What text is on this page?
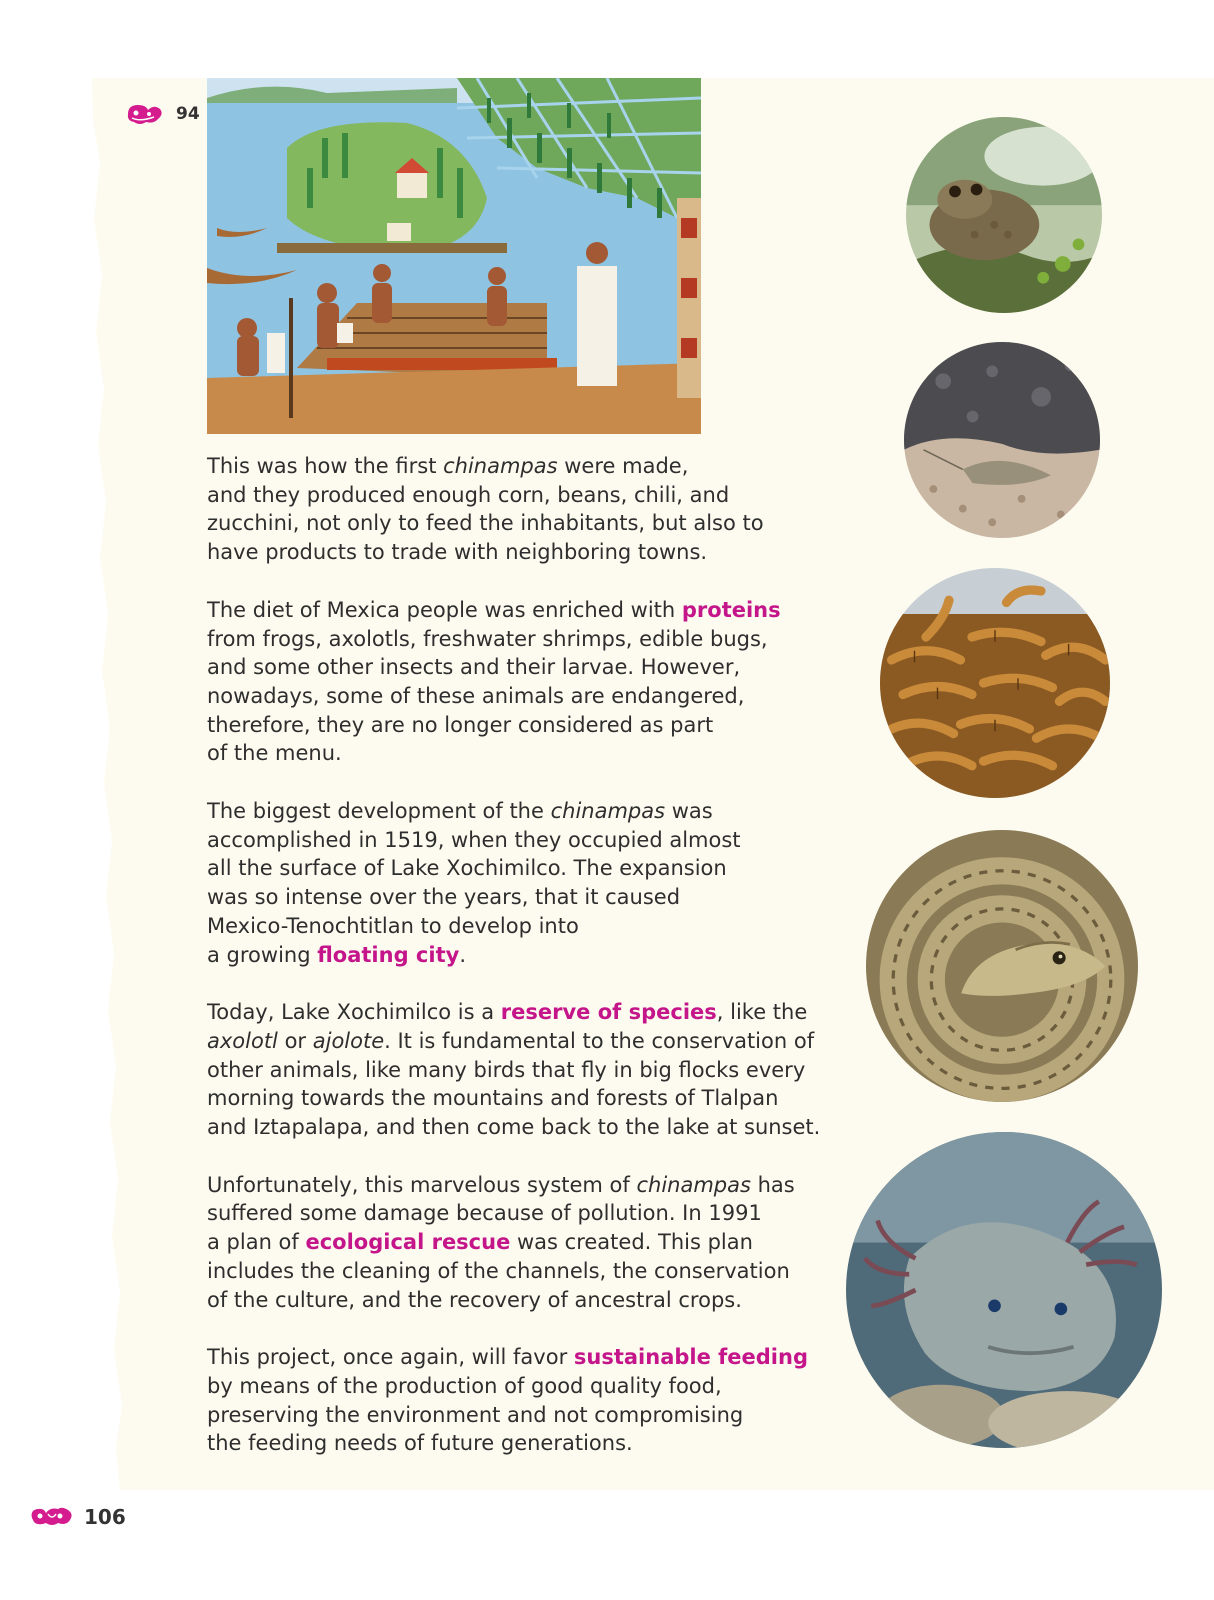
94

This was how the first chinampas were made,
and they produced enough corn, beans, chili, and
zucchini, not only to feed the inhabitants, but also to
have products to trade with neighboring towns.

The diet of Mexica people was enriched with proteins
from frogs, axolotls, freshwater shrimps, edible bugs,
and some other insects and their larvae. However,
nowadays, some of these animals are endangered,
therefore, they are no longer considered as part
of the menu.

The biggest development of the chinampas was
accomplished in 1519, when they occupied almost
all the surface of Lake Xochimilco. The expansion
was so intense over the years, that it caused
Mexico-Tenochtitlan to develop into
a growing floating city.

Today, Lake Xochimilco is a reserve of species, like the
axolotl or ajolote. It is fundamental to the conservation of
other animals, like many birds that fly in big flocks every
morning towards the mountains and forests of Tlalpan
and Iztapalapa, and then come back to the lake at sunset.

Unfortunately, this marvelous system of chinampas has
suffered some damage because of pollution. In 1991
a plan of ecological rescue was created. This plan
includes the cleaning of the channels, the conservation
of the culture, and the recovery of ancestral crops.

This project, once again, will favor sustainable feeding
by means of the production of good quality food,
preserving the environment and not compromising
the feeding needs of future generations.

106
